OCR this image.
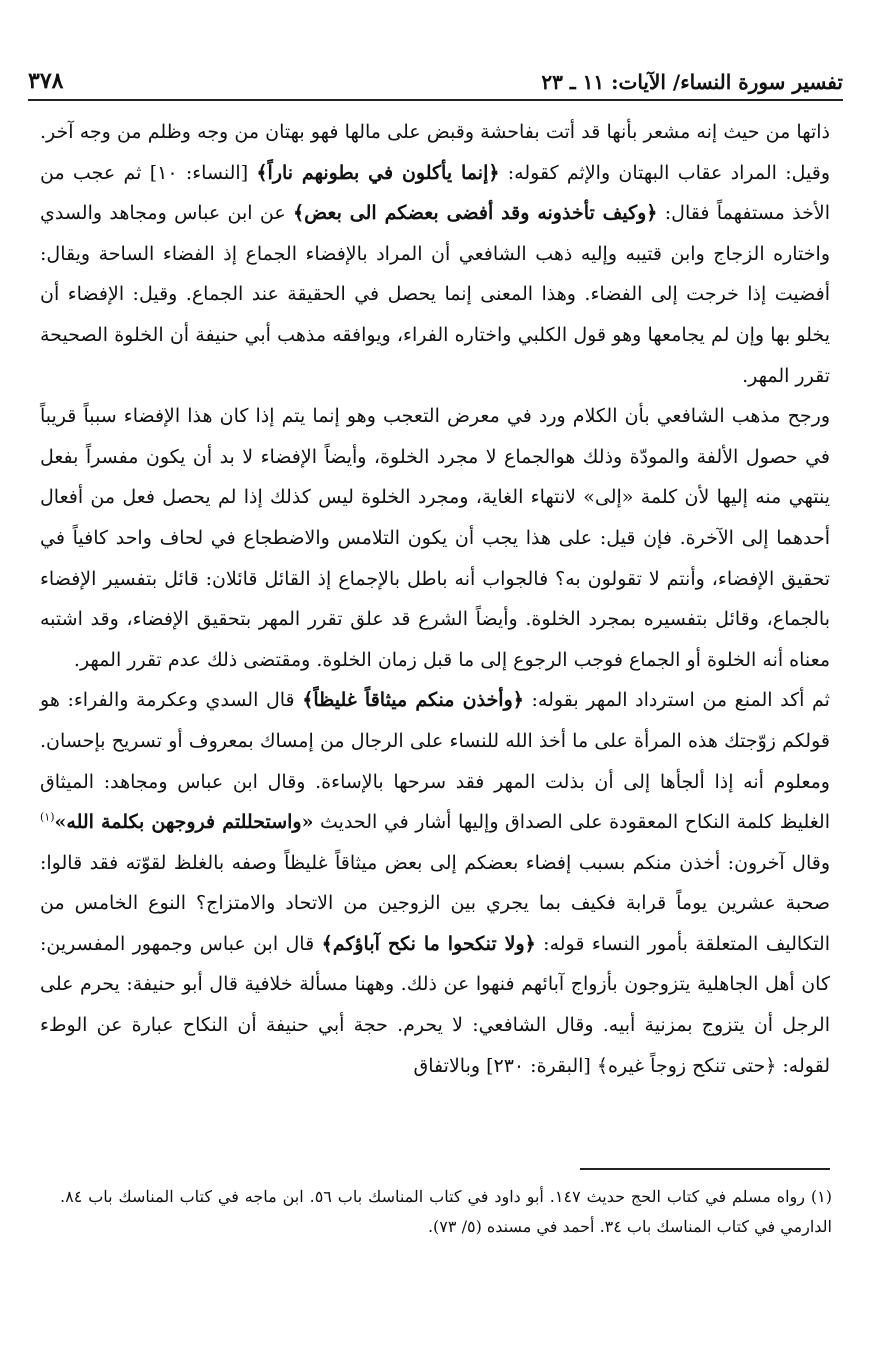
تفسير سورة النساء/ الآيات: ١١ ـ ٢٣
٣٧٨

ذاتها من حيث إنه مشعر بأنها قد أتت بفاحشة وقبض على مالها فهو بهتان من وجه وظلم من وجه آخر. وقيل: المراد عقاب البهتان والإثم كقوله: ﴿إنما يأكلون في بطونهم ناراً﴾ [النساء: ١٠] ثم عجب من الأخذ مستفهماً فقال: ﴿وكيف تأخذونه وقد أفضى بعضكم الى بعض﴾ عن ابن عباس ومجاهد والسدي واختاره الزجاج وابن قتيبه وإليه ذهب الشافعي أن المراد بالإفضاء الجماع إذ الفضاء الساحة ويقال: أفضيت إذا خرجت إلى الفضاء. وهذا المعنى إنما يحصل في الحقيقة عند الجماع. وقيل: الإفضاء أن يخلو بها وإن لم يجامعها وهو قول الكلبي واختاره الفراء، ويوافقه مذهب أبي حنيفة أن الخلوة الصحيحة تقرر المهر.

ورجح مذهب الشافعي بأن الكلام ورد في معرض التعجب وهو إنما يتم إذا كان هذا الإفضاء سبباً قريباً في حصول الألفة والمودّة وذلك هوالجماع لا مجرد الخلوة، وأيضاً الإفضاء لا بد أن يكون مفسراً بفعل ينتهي منه إليها لأن كلمة «إلى» لانتهاء الغاية، ومجرد الخلوة ليس كذلك إذا لم يحصل فعل من أفعال أحدهما إلى الآخرة. فإن قيل: على هذا يجب أن يكون التلامس والاضطجاع في لحاف واحد كافياً في تحقيق الإفضاء، وأنتم لا تقولون به؟ فالجواب أنه باطل بالإجماع إذ القائل قائلان: قائل بتفسير الإفضاء بالجماع، وقائل بتفسيره بمجرد الخلوة. وأيضاً الشرع قد علق تقرر المهر بتحقيق الإفضاء، وقد اشتبه معناه أنه الخلوة أو الجماع فوجب الرجوع إلى ما قبل زمان الخلوة. ومقتضى ذلك عدم تقرر المهر.

ثم أكد المنع من استرداد المهر بقوله: ﴿وأخذن منكم ميثاقاً غليظاً﴾ قال السدي وعكرمة والفراء: هو قولكم زوّجتك هذه المرأة على ما أخذ الله للنساء على الرجال من إمساك بمعروف أو تسريح بإحسان. ومعلوم أنه إذا ألجأها إلى أن بذلت المهر فقد سرحها بالإساءة. وقال ابن عباس ومجاهد: الميثاق الغليظ كلمة النكاح المعقودة على الصداق وإليها أشار في الحديث «واستحللتم فروجهن بكلمة الله»$^{(١)}$ وقال آخرون: أخذن منكم بسبب إفضاء بعضكم إلى بعض ميثاقاً غليظاً وصفه بالغلظ لقوّته فقد قالوا: صحبة عشرين يوماً قرابة فكيف بما يجري بين الزوجين من الاتحاد والامتزاج؟ النوع الخامس من التكاليف المتعلقة بأمور النساء قوله: ﴿ولا تنكحوا ما نكح آباؤكم﴾ قال ابن عباس وجمهور المفسرين: كان أهل الجاهلية يتزوجون بأزواج آبائهم فنهوا عن ذلك. وههنا مسألة خلافية قال أبو حنيفة: يحرم على الرجل أن يتزوج بمزنية أبيه. وقال الشافعي: لا يحرم. حجة أبي حنيفة أن النكاح عبارة عن الوطء لقوله: ﴿حتى تنكح زوجاً غيره﴾ [البقرة: ٢٣٠] وبالاتفاق

(١) رواه مسلم في كتاب الحج حديث ١٤٧. أبو داود في كتاب المناسك باب ٥٦. ابن ماجه في كتاب المناسك باب ٨٤. الدارمي في كتاب المناسك باب ٣٤. أحمد في مسنده (٥/ ٧٣).
